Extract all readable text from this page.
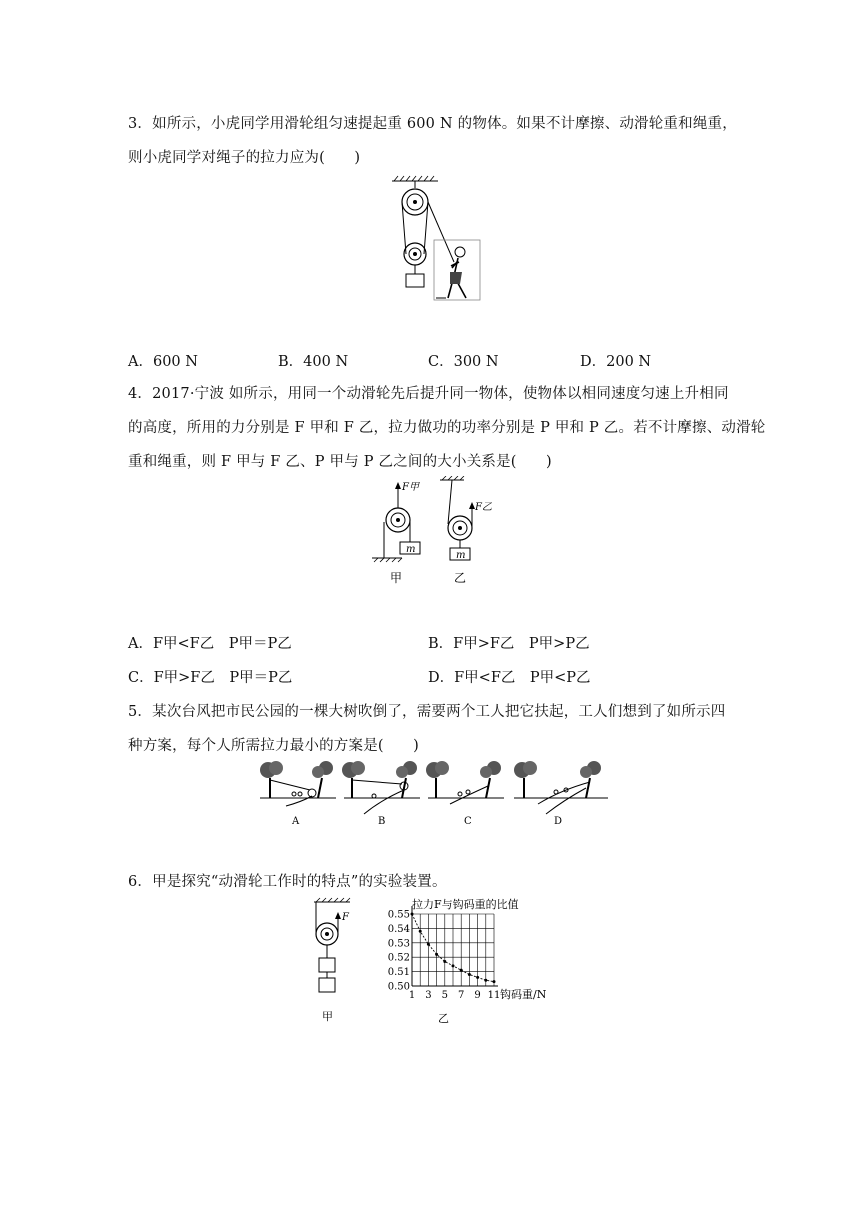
3．如所示，小虎同学用滑轮组匀速提起重 600 N 的物体。如果不计摩擦、动滑轮重和绳重，
则小虎同学对绳子的拉力应为(　　)
A．600 N	B．400 N	C．300 N	D．200 N
4．2017·宁波 如所示，用同一个动滑轮先后提升同一物体，使物体以相同速度匀速上升相同
的高度，所用的力分别是 F 甲和 F 乙，拉力做功的功率分别是 P 甲和 P 乙。若不计摩擦、动滑轮
重和绳重，则 F 甲与 F 乙、P 甲与 P 乙之间的大小关系是(　　)
F甲
m
甲
F乙
m
乙
A．F甲<F乙　P甲＝P乙	B．F甲>F乙　P甲>P乙
C．F甲>F乙　P甲＝P乙	D．F甲<F乙　P甲<P乙
5．某次台风把市民公园的一棵大树吹倒了，需要两个工人把它扶起，工人们想到了如所示四
种方案，每个人所需拉力最小的方案是(　　)
A	B	C	D
6．甲是探究“动滑轮工作时的特点”的实验装置。
F
甲
拉力F与钩码重的比值
钩码重/N
0.55
0.54
0.53
0.52
0.51
0.50
1 3 5 7 9 11
乙
